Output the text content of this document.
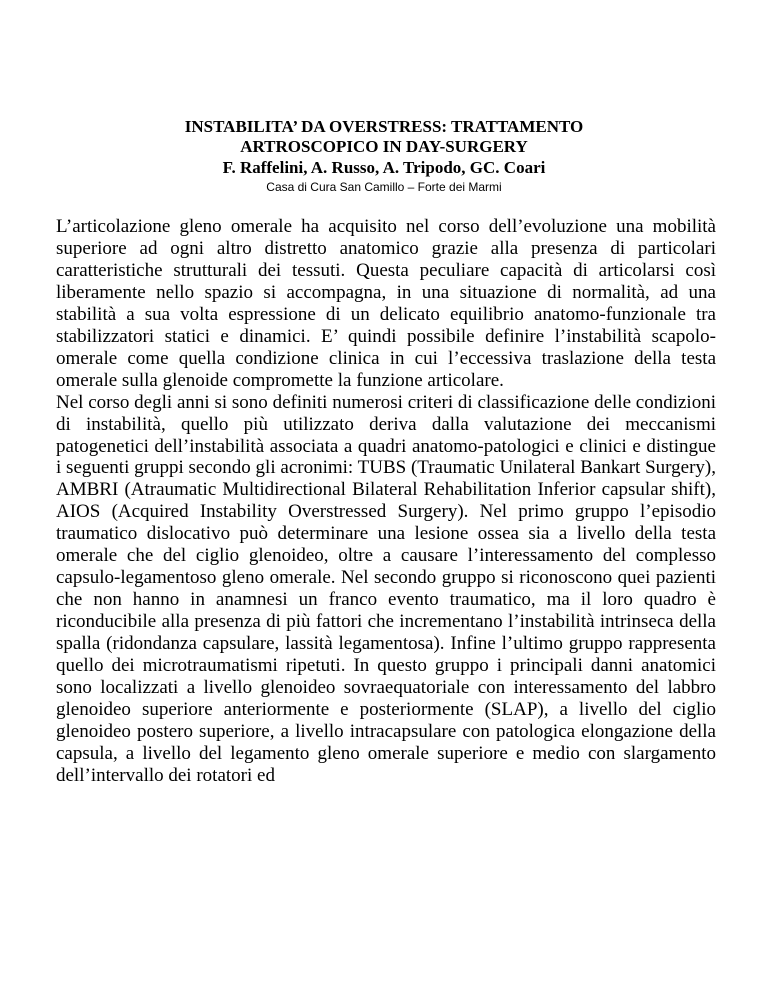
INSTABILITA’ DA OVERSTRESS: TRATTAMENTO

ARTROSCOPICO IN DAY-SURGERY

F. Raffelini, A. Russo, A. Tripodo, GC. Coari

Casa di Cura San Camillo – Forte dei Marmi

L’articolazione gleno omerale ha acquisito nel corso dell’evoluzione una mobilità superiore ad ogni altro distretto anatomico grazie alla presenza di particolari caratteristiche strutturali dei tessuti. Questa peculiare capacità di articolarsi così liberamente nello spazio si accompagna, in una situazione di normalità, ad una stabilità a sua volta espressione di un delicato equilibrio anatomo-funzionale tra stabilizzatori statici e dinamici. E’ quindi possibile definire l’instabilità scapolo-omerale come quella condizione clinica in cui l’eccessiva traslazione della testa omerale sulla glenoide compromette la funzione articolare.

Nel corso degli anni si sono definiti numerosi criteri di classificazione delle condizioni di instabilità, quello più utilizzato deriva dalla valutazione dei meccanismi patogenetici dell’instabilità associata a quadri anatomo-patologici e clinici e distingue i seguenti gruppi secondo gli acronimi: TUBS (Traumatic Unilateral Bankart Surgery), AMBRI (Atraumatic Multidirectional Bilateral Rehabilitation Inferior capsular shift), AIOS (Acquired Instability Overstressed Surgery). Nel primo gruppo l’episodio traumatico dislocativo può determinare una lesione ossea sia a livello della testa omerale che del ciglio glenoideo, oltre a causare l’interessamento del complesso capsulo-legamentoso gleno omerale. Nel secondo gruppo si riconoscono quei pazienti che non hanno in anamnesi un franco evento traumatico, ma il loro quadro è riconducibile alla presenza di più fattori che incrementano l’instabilità intrinseca della spalla (ridondanza capsulare, lassità legamentosa). Infine l’ultimo gruppo rappresenta quello dei microtraumatismi ripetuti. In questo gruppo i principali danni anatomici sono localizzati a livello glenoideo sovraequatoriale con interessamento del labbro glenoideo superiore anteriormente e posteriormente (SLAP), a livello del ciglio glenoideo postero superiore, a livello intracapsulare con patologica elongazione della capsula, a livello del legamento gleno omerale superiore e medio con slargamento dell’intervallo dei rotatori ed
